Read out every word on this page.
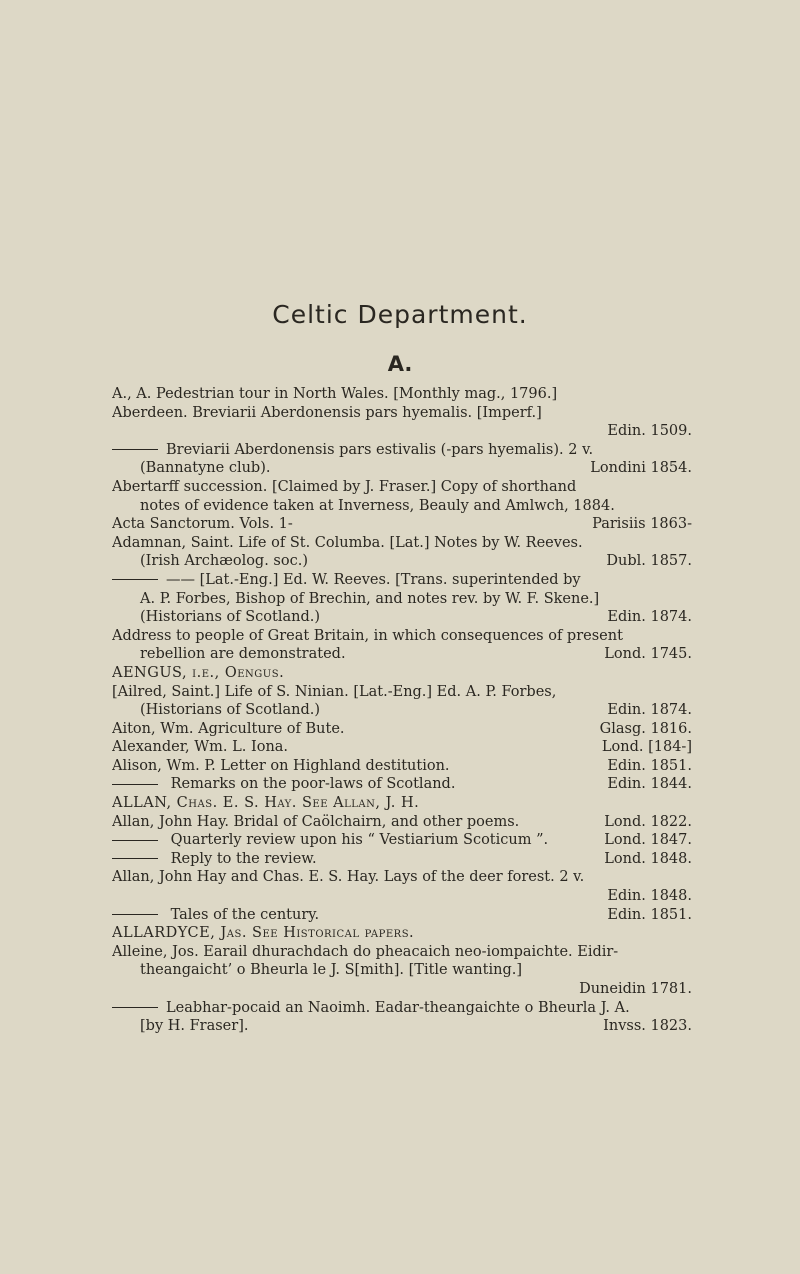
Celtic Department.
A.
A., A. Pedestrian tour in North Wales. [Monthly mag., 1796.]
Aberdeen. Breviarii Aberdonensis pars hyemalis. [Imperf.]
Edin. 1509.
Breviarii Aberdonensis pars estivalis (-pars hyemalis). 2 v.
(Bannatyne club).	Londini 1854.
Abertarff succession. [Claimed by J. Fraser.] Copy of shorthand
notes of evidence taken at Inverness, Beauly and Amlwch, 1884.
Acta Sanctorum. Vols. 1-	Parisiis 1863-
Adamnan, Saint. Life of St. Columba. [Lat.] Notes by W. Reeves.
(Irish Archæolog. soc.)	Dubl. 1857.
—— [Lat.-Eng.] Ed. W. Reeves. [Trans. superintended by
A. P. Forbes, Bishop of Brechin, and notes rev. by W. F. Skene.]
(Historians of Scotland.)	Edin. 1874.
Address to people of Great Britain, in which consequences of present
rebellion are demonstrated.	Lond. 1745.
AENGUS, i.e., Oengus.
[Ailred, Saint.] Life of S. Ninian. [Lat.-Eng.] Ed. A. P. Forbes,
(Historians of Scotland.)	Edin. 1874.
Aiton, Wm. Agriculture of Bute.	Glasg. 1816.
Alexander, Wm. L. Iona.	Lond. [184-]
Alison, Wm. P. Letter on Highland destitution.	Edin. 1851.
Remarks on the poor-laws of Scotland.	Edin. 1844.
ALLAN, Chas. E. S. Hay. See Allan, J. H.
Allan, John Hay. Bridal of Caölchairn, and other poems.	Lond. 1822.
Quarterly review upon his “ Vestiarium Scoticum ”.	Lond. 1847.
Reply to the review.	Lond. 1848.
Allan, John Hay and Chas. E. S. Hay. Lays of the deer forest. 2 v.
Edin. 1848.
Tales of the century.	Edin. 1851.
ALLARDYCE, Jas. See Historical papers.
Alleine, Jos. Earail dhurachdach do pheacaich neo-iompaichte. Eidir-
theangaicht’ o Bheurla le J. S[mith]. [Title wanting.]
Duneidin 1781.
Leabhar-pocaid an Naoimh. Eadar-theangaichte o Bheurla J. A.
[by H. Fraser].	Invss. 1823.
